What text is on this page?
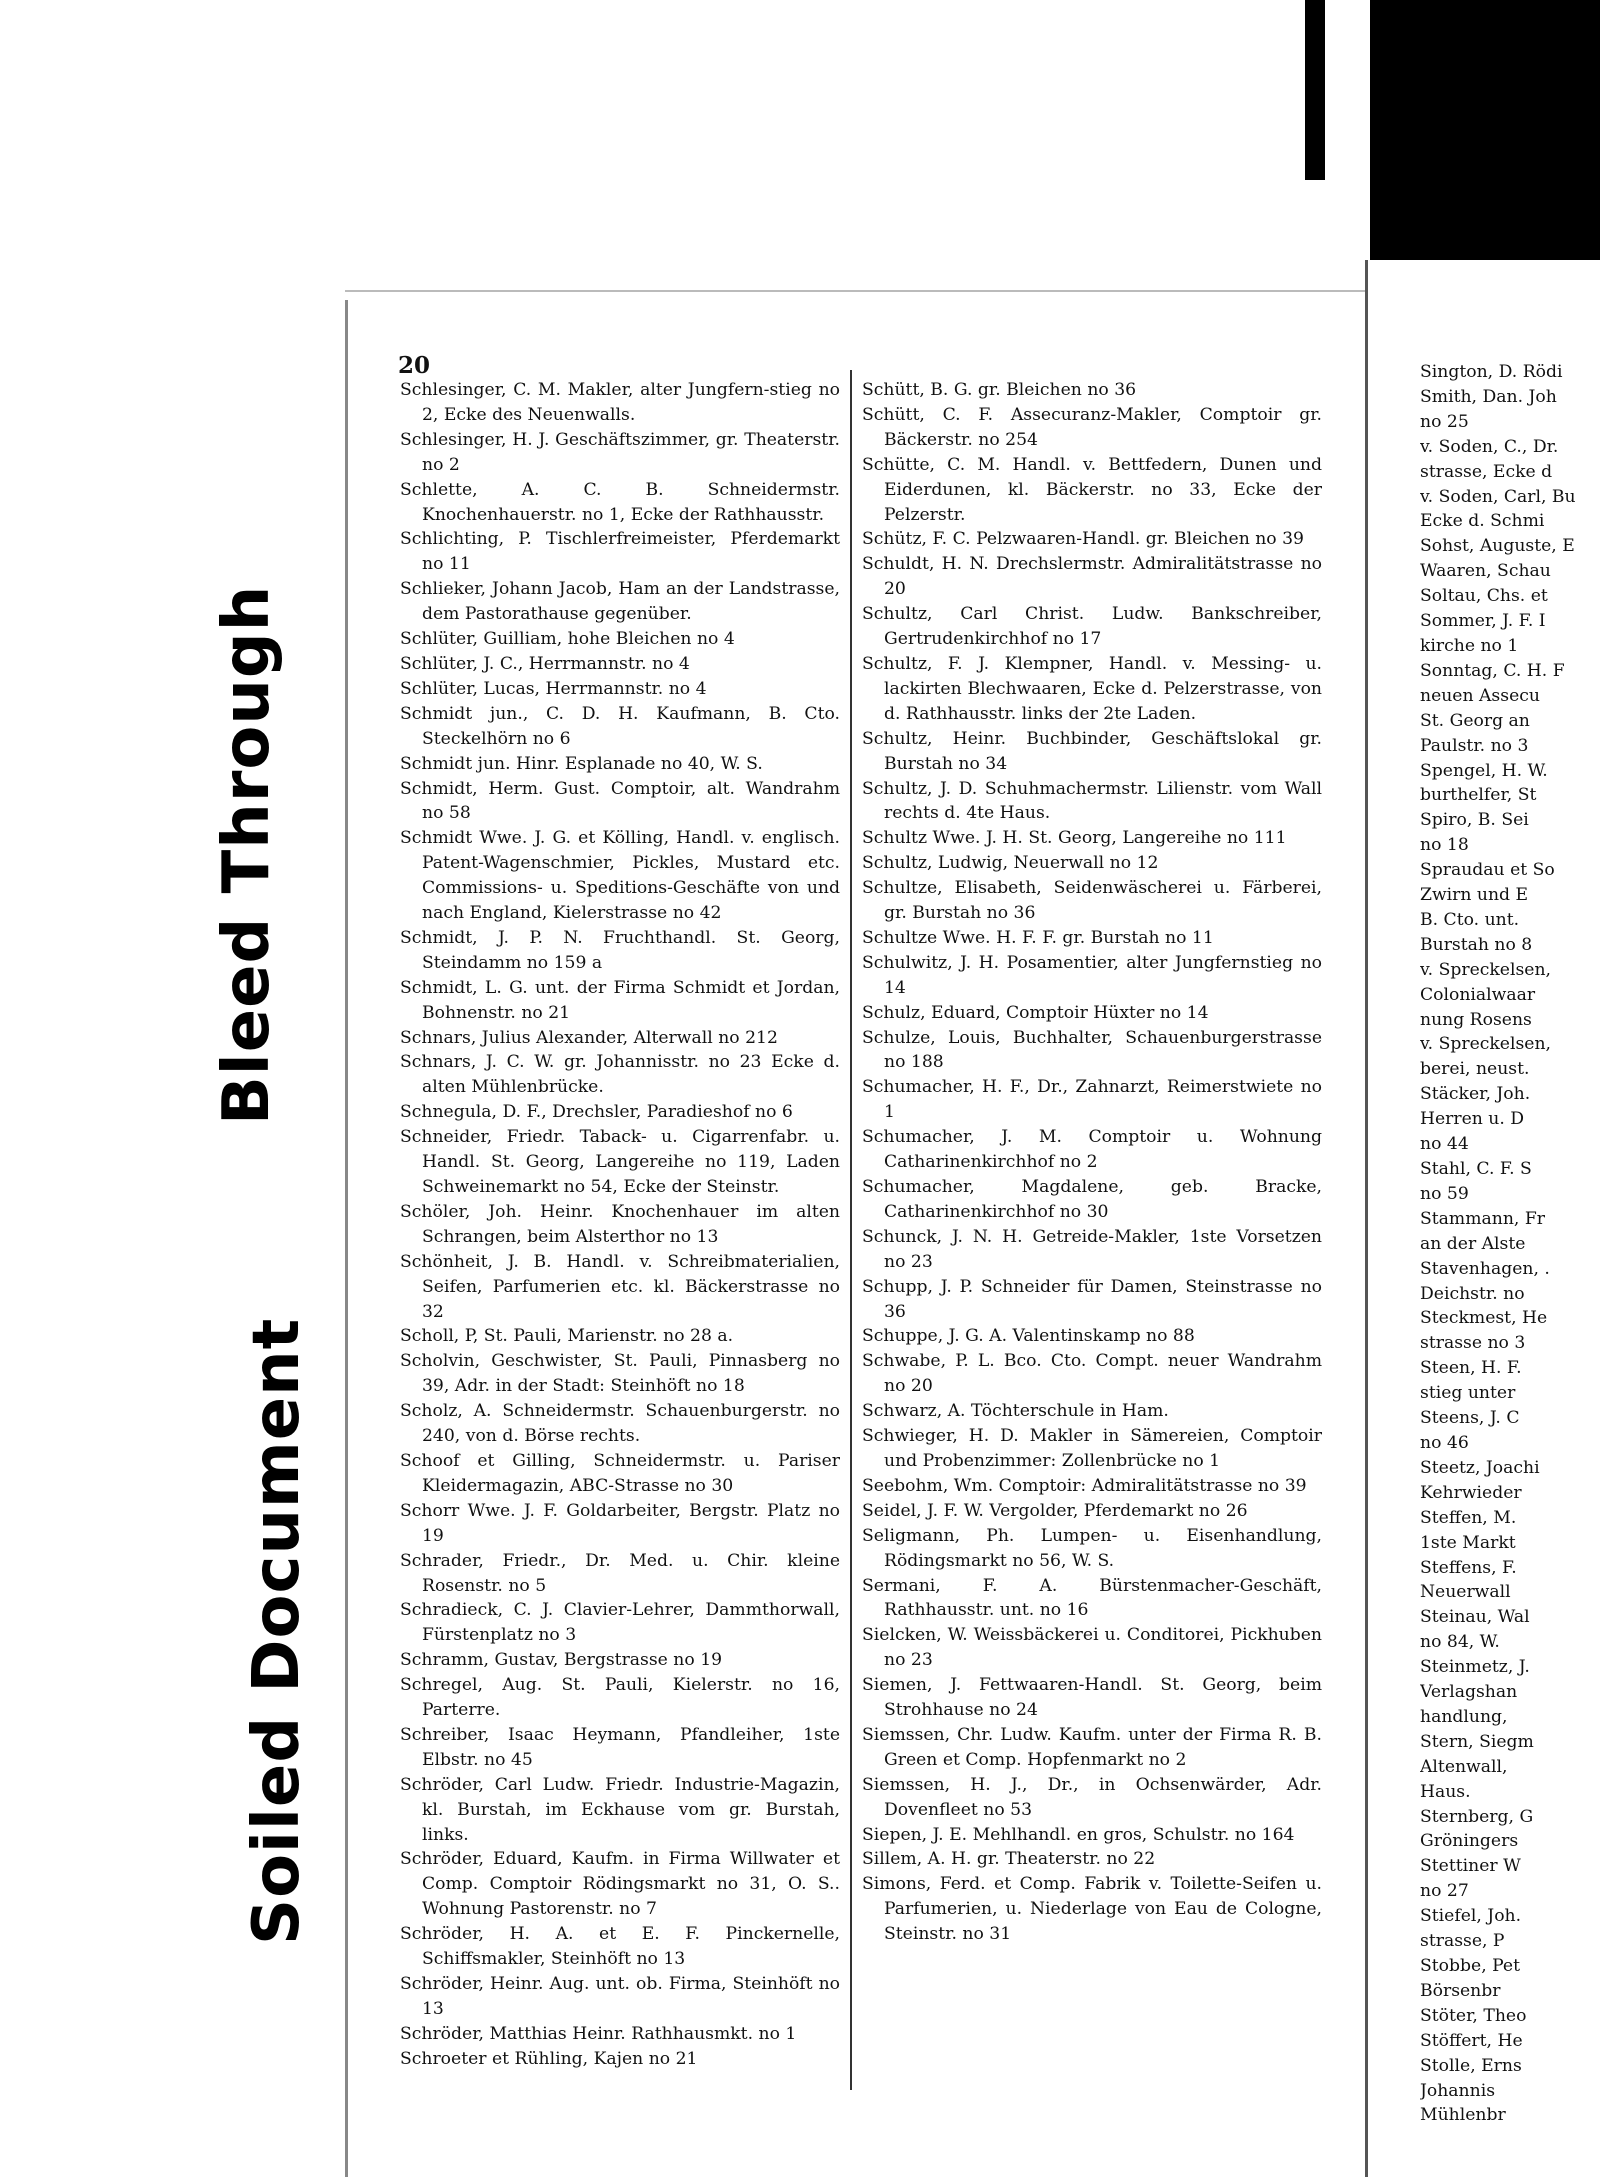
Bleed Through
Soiled Document
20

Schlesinger, C. M. Makler, alter Jungfern-stieg no 2, Ecke des Neuenwalls.

Schlesinger, H. J. Geschäftszimmer, gr. Theaterstr. no 2

Schlette, A. C. B. Schneidermstr. Knochenhauerstr. no 1, Ecke der Rathhausstr.

Schlichting, P. Tischlerfreimeister, Pferdemarkt no 11

Schlieker, Johann Jacob, Ham an der Landstrasse, dem Pastorathause gegenüber.

Schlüter, Guilliam, hohe Bleichen no 4

Schlüter, J. C., Herrmannstr. no 4

Schlüter, Lucas, Herrmannstr. no 4

Schmidt jun., C. D. H. Kaufmann, B. Cto. Steckelhörn no 6

Schmidt jun. Hinr. Esplanade no 40, W. S.

Schmidt, Herm. Gust. Comptoir, alt. Wandrahm no 58

Schmidt Wwe. J. G. et Kölling, Handl. v. englisch. Patent-Wagenschmier, Pickles, Mustard etc. Commissions- u. Speditions-Geschäfte von und nach England, Kielerstrasse no 42

Schmidt, J. P. N. Fruchthandl. St. Georg, Steindamm no 159 a

Schmidt, L. G. unt. der Firma Schmidt et Jordan, Bohnenstr. no 21

Schnars, Julius Alexander, Alterwall no 212

Schnars, J. C. W. gr. Johannisstr. no 23 Ecke d. alten Mühlenbrücke.

Schnegula, D. F., Drechsler, Paradieshof no 6

Schneider, Friedr. Taback- u. Cigarrenfabr. u. Handl. St. Georg, Langereihe no 119, Laden Schweinemarkt no 54, Ecke der Steinstr.

Schöler, Joh. Heinr. Knochenhauer im alten Schrangen, beim Alsterthor no 13

Schönheit, J. B. Handl. v. Schreibmaterialien, Seifen, Parfumerien etc. kl. Bäckerstrasse no 32

Scholl, P, St. Pauli, Marienstr. no 28 a.

Scholvin, Geschwister, St. Pauli, Pinnasberg no 39, Adr. in der Stadt: Steinhöft no 18

Scholz, A. Schneidermstr. Schauenburgerstr. no 240, von d. Börse rechts.

Schoof et Gilling, Schneidermstr. u. Pariser Kleidermagazin, ABC-Strasse no 30

Schorr Wwe. J. F. Goldarbeiter, Bergstr. Platz no 19

Schrader, Friedr., Dr. Med. u. Chir. kleine Rosenstr. no 5

Schradieck, C. J. Clavier-Lehrer, Dammthorwall, Fürstenplatz no 3

Schramm, Gustav, Bergstrasse no 19

Schregel, Aug. St. Pauli, Kielerstr. no 16, Parterre.

Schreiber, Isaac Heymann, Pfandleiher, 1ste Elbstr. no 45

Schröder, Carl Ludw. Friedr. Industrie-Magazin, kl. Burstah, im Eckhause vom gr. Burstah, links.

Schröder, Eduard, Kaufm. in Firma Willwater et Comp. Comptoir Rödingsmarkt no 31, O. S.. Wohnung Pastorenstr. no 7

Schröder, H. A. et E. F. Pinckernelle, Schiffsmakler, Steinhöft no 13

Schröder, Heinr. Aug. unt. ob. Firma, Steinhöft no 13

Schröder, Matthias Heinr. Rathhausmkt. no 1

Schroeter et Rühling, Kajen no 21

Schütt, B. G. gr. Bleichen no 36

Schütt, C. F. Assecuranz-Makler, Comptoir gr. Bäckerstr. no 254

Schütte, C. M. Handl. v. Bettfedern, Dunen und Eiderdunen, kl. Bäckerstr. no 33, Ecke der Pelzerstr.

Schütz, F. C. Pelzwaaren-Handl. gr. Bleichen no 39

Schuldt, H. N. Drechslermstr. Admiralitätstrasse no 20

Schultz, Carl Christ. Ludw. Bankschreiber, Gertrudenkirchhof no 17

Schultz, F. J. Klempner, Handl. v. Messing- u. lackirten Blechwaaren, Ecke d. Pelzerstrasse, von d. Rathhausstr. links der 2te Laden.

Schultz, Heinr. Buchbinder, Geschäftslokal gr. Burstah no 34

Schultz, J. D. Schuhmachermstr. Lilienstr. vom Wall rechts d. 4te Haus.

Schultz Wwe. J. H. St. Georg, Langereihe no 111

Schultz, Ludwig, Neuerwall no 12

Schultze, Elisabeth, Seidenwäscherei u. Färberei, gr. Burstah no 36

Schultze Wwe. H. F. F. gr. Burstah no 11

Schulwitz, J. H. Posamentier, alter Jungfernstieg no 14

Schulz, Eduard, Comptoir Hüxter no 14

Schulze, Louis, Buchhalter, Schauenburgerstrasse no 188

Schumacher, H. F., Dr., Zahnarzt, Reimerstwiete no 1

Schumacher, J. M. Comptoir u. Wohnung Catharinenkirchhof no 2

Schumacher, Magdalene, geb. Bracke, Catharinenkirchhof no 30

Schunck, J. N. H. Getreide-Makler, 1ste Vorsetzen no 23

Schupp, J. P. Schneider für Damen, Steinstrasse no 36

Schuppe, J. G. A. Valentinskamp no 88

Schwabe, P. L. Bco. Cto. Compt. neuer Wandrahm no 20

Schwarz, A. Töchterschule in Ham.

Schwieger, H. D. Makler in Sämereien, Comptoir und Probenzimmer: Zollenbrücke no 1

Seebohm, Wm. Comptoir: Admiralitätstrasse no 39

Seidel, J. F. W. Vergolder, Pferdemarkt no 26

Seligmann, Ph. Lumpen- u. Eisenhandlung, Rödingsmarkt no 56, W. S.

Sermani, F. A. Bürstenmacher-Geschäft, Rathhausstr. unt. no 16

Sielcken, W. Weissbäckerei u. Conditorei, Pickhuben no 23

Siemen, J. Fettwaaren-Handl. St. Georg, beim Strohhause no 24

Siemssen, Chr. Ludw. Kaufm. unter der Firma R. B. Green et Comp. Hopfenmarkt no 2

Siemssen, H. J., Dr., in Ochsenwärder, Adr. Dovenfleet no 53

Siepen, J. E. Mehlhandl. en gros, Schulstr. no 164

Sillem, A. H. gr. Theaterstr. no 22

Simons, Ferd. et Comp. Fabrik v. Toilette-Seifen u. Parfumerien, u. Niederlage von Eau de Cologne, Steinstr. no 31

Sington, D. Rödi

Smith, Dan. Joh

no 25

v. Soden, C., Dr.

strasse, Ecke d

v. Soden, Carl, Bu

Ecke d. Schmi

Sohst, Auguste, E

Waaren, Schau

Soltau, Chs. et

Sommer, J. F. I

kirche no 1

Sonntag, C. H. F

neuen Assecu

St. Georg an

Paulstr. no 3

Spengel, H. W.

burthelfer, St

Spiro, B. Sei

no 18

Spraudau et So

Zwirn und E

B. Cto. unt.

Burstah no 8

v. Spreckelsen,

Colonialwaar

nung Rosens

v. Spreckelsen,

berei, neust.

Stäcker, Joh.

Herren u. D

no 44

Stahl, C. F. S

no 59

Stammann, Fr

an der Alste

Stavenhagen, .

Deichstr. no

Steckmest, He

strasse no 3

Steen, H. F.

stieg unter

Steens, J. C

no 46

Steetz, Joachi

Kehrwieder

Steffen, M.

1ste Markt

Steffens, F.

Neuerwall

Steinau, Wal

no 84, W.

Steinmetz, J.

Verlagshan

handlung,

Stern, Siegm

Altenwall,

Haus.

Sternberg, G

Gröningers

Stettiner W

no 27

Stiefel, Joh.

strasse, P

Stobbe, Pet

Börsenbr

Stöter, Theo

Stöffert, He

Stolle, Erns

Johannis

Mühlenbr
